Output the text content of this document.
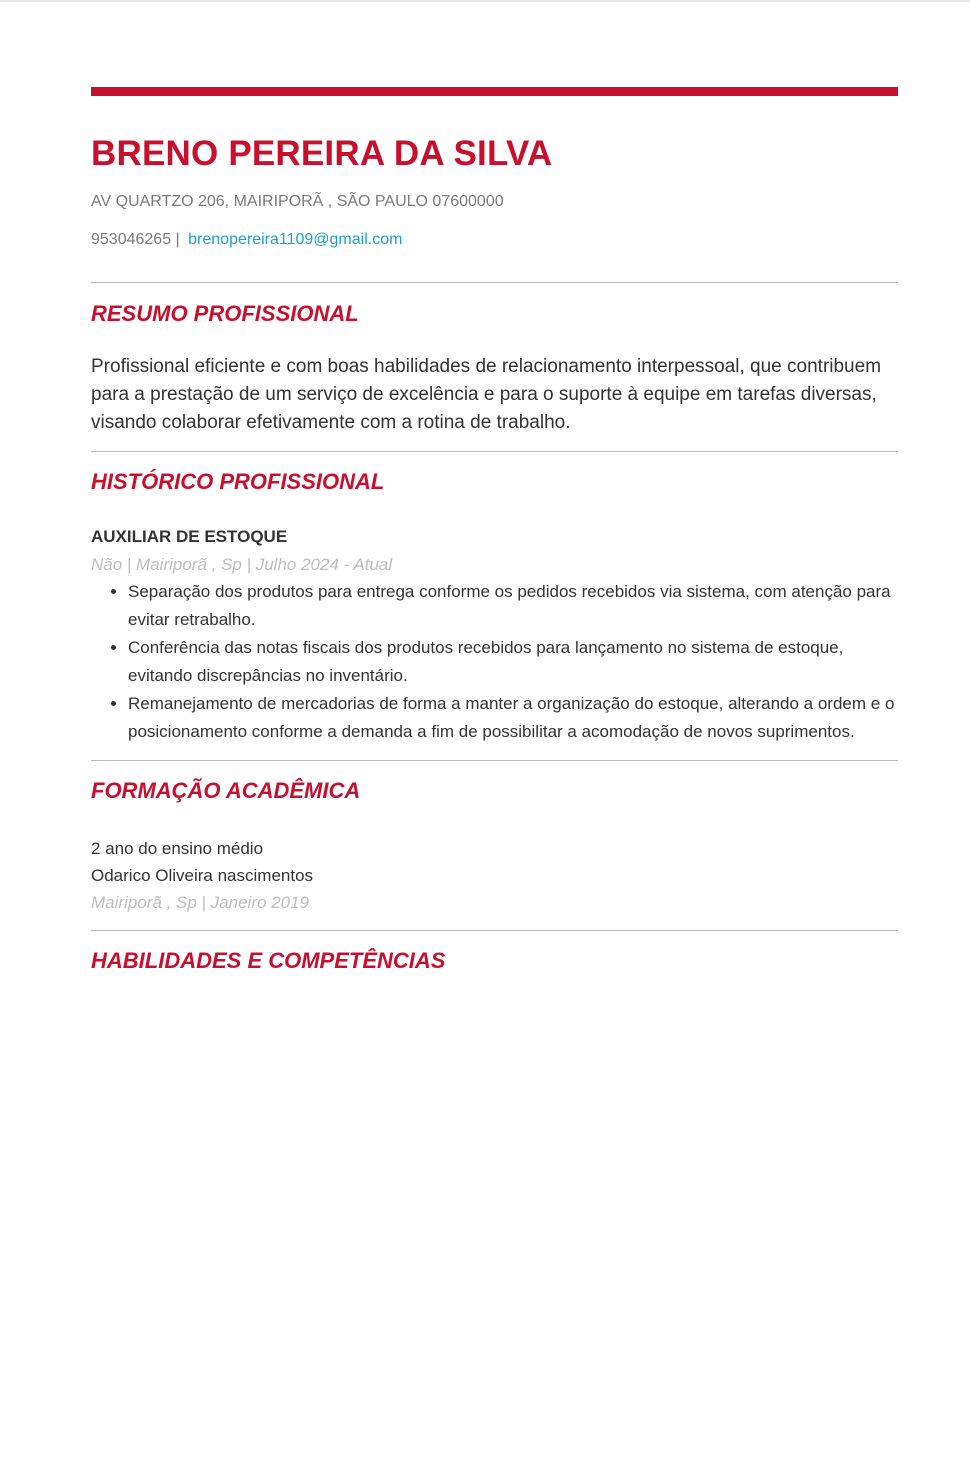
BRENO PEREIRA DA SILVA
AV QUARTZO 206, MAIRIPORÃ , SÃO PAULO 07600000
953046265 | brenopereira1109@gmail.com
RESUMO PROFISSIONAL

Profissional eficiente e com boas habilidades de relacionamento interpessoal, que contribuem para a prestação de um serviço de excelência e para o suporte à equipe em tarefas diversas, visando colaborar efetivamente com a rotina de trabalho.

HISTÓRICO PROFISSIONAL

AUXILIAR DE ESTOQUE

Não | Mairiporã , Sp | Julho 2024 - Atual

• Separação dos produtos para entrega conforme os pedidos recebidos via sistema, com atenção para evitar retrabalho.
• Conferência das notas fiscais dos produtos recebidos para lançamento no sistema de estoque, evitando discrepâncias no inventário.
• Remanejamento de mercadorias de forma a manter a organização do estoque, alterando a ordem e o posicionamento conforme a demanda a fim de possibilitar a acomodação de novos suprimentos.
FORMAÇÃO ACADÊMICA

2 ano do ensino médio

Odarico Oliveira nascimentos

Mairiporã , Sp | Janeiro 2019

HABILIDADES E COMPETÊNCIAS
